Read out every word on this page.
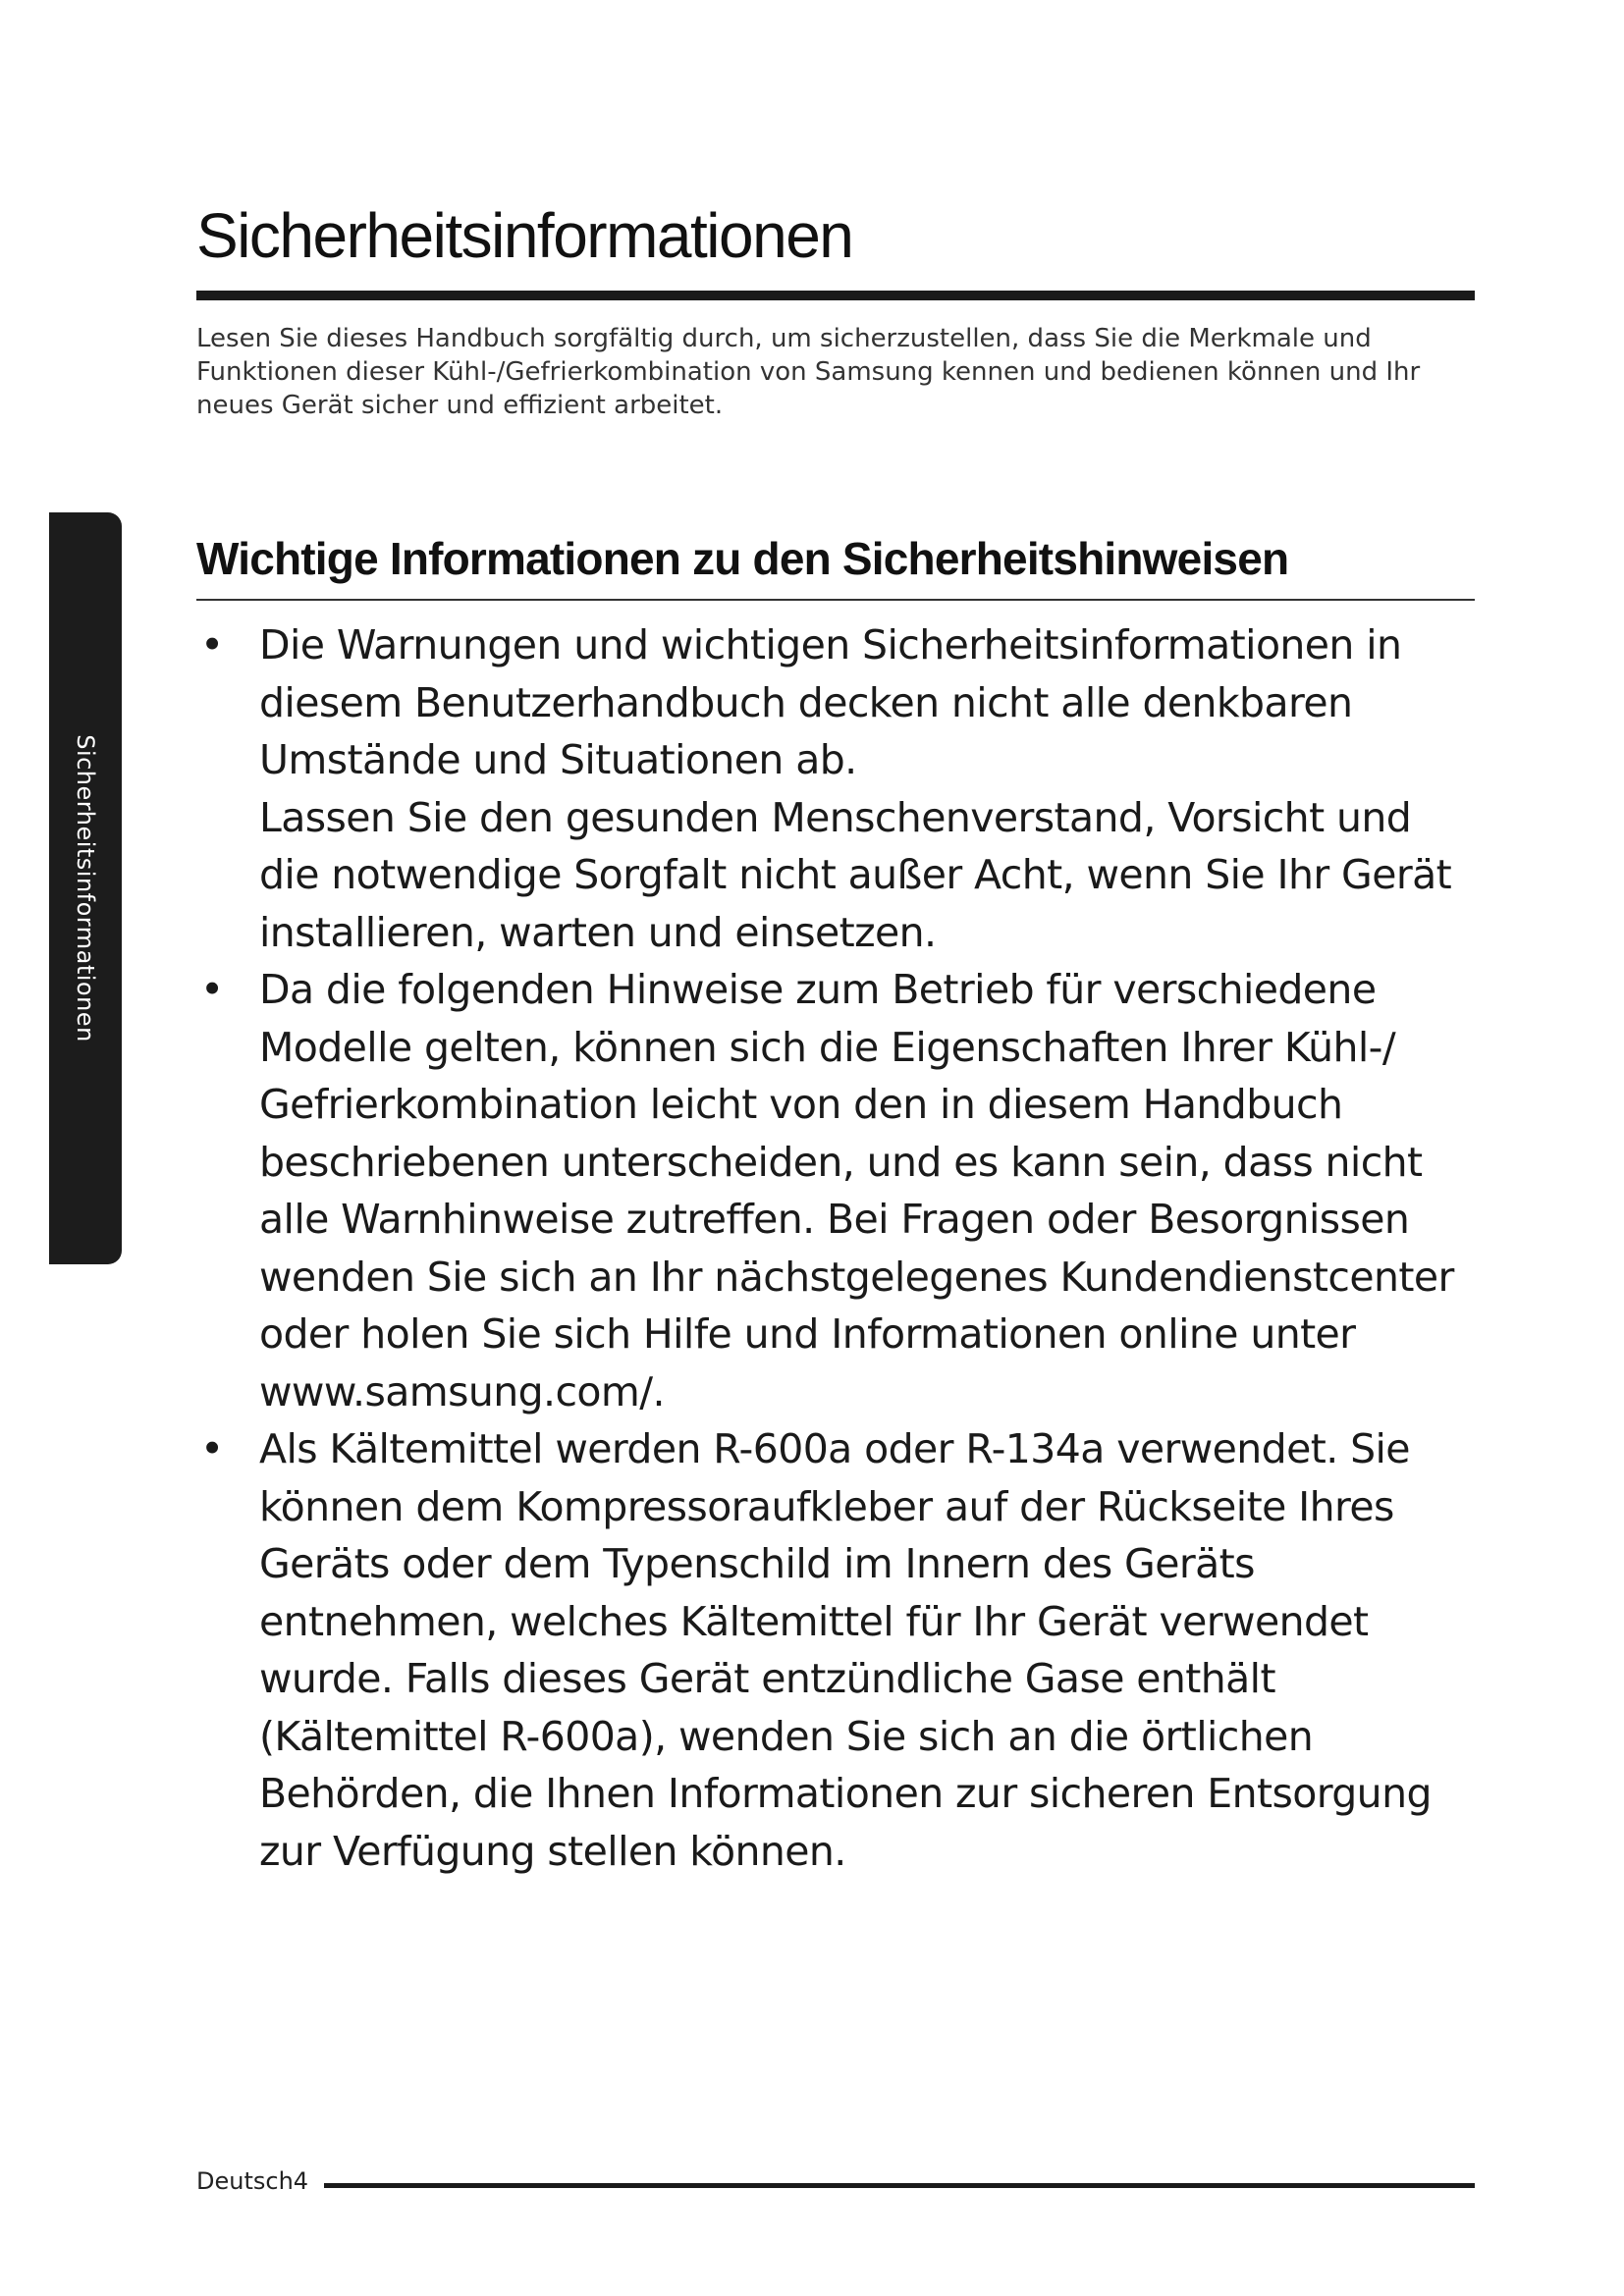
Sicherheitsinformationen

Lesen Sie dieses Handbuch sorgfältig durch, um sicherzustellen, dass Sie die Merkmale und Funktionen dieser Kühl-/Gefrierkombination von Samsung kennen und bedienen können und Ihr neues Gerät sicher und effizient arbeitet.

Sicherheitsinformationen
Wichtige Informationen zu den Sicherheitshinweisen
• Die Warnungen und wichtigen Sicherheitsinformationen in diesem Benutzerhandbuch decken nicht alle denkbaren Umstände und Situationen ab.
Lassen Sie den gesunden Menschenverstand, Vorsicht und die notwendige Sorgfalt nicht außer Acht, wenn Sie Ihr Gerät installieren, warten und einsetzen.
• Da die folgenden Hinweise zum Betrieb für verschiedene Modelle gelten, können sich die Eigenschaften Ihrer Kühl-/ Gefrierkombination leicht von den in diesem Handbuch beschriebenen unterscheiden, und es kann sein, dass nicht alle Warnhinweise zutreffen. Bei Fragen oder Besorgnissen wenden Sie sich an Ihr nächstgelegenes Kundendienstcenter oder holen Sie sich Hilfe und Informationen online unter www.samsung.com/.
• Als Kältemittel werden R-600a oder R-134a verwendet. Sie können dem Kompressoraufkleber auf der Rückseite Ihres Geräts oder dem Typenschild im Innern des Geräts entnehmen, welches Kältemittel für Ihr Gerät verwendet wurde. Falls dieses Gerät entzündliche Gase enthält (Kältemittel R-600a), wenden Sie sich an die örtlichen Behörden, die Ihnen Informationen zur sicheren Entsorgung zur Verfügung stellen können.
Deutsch4
